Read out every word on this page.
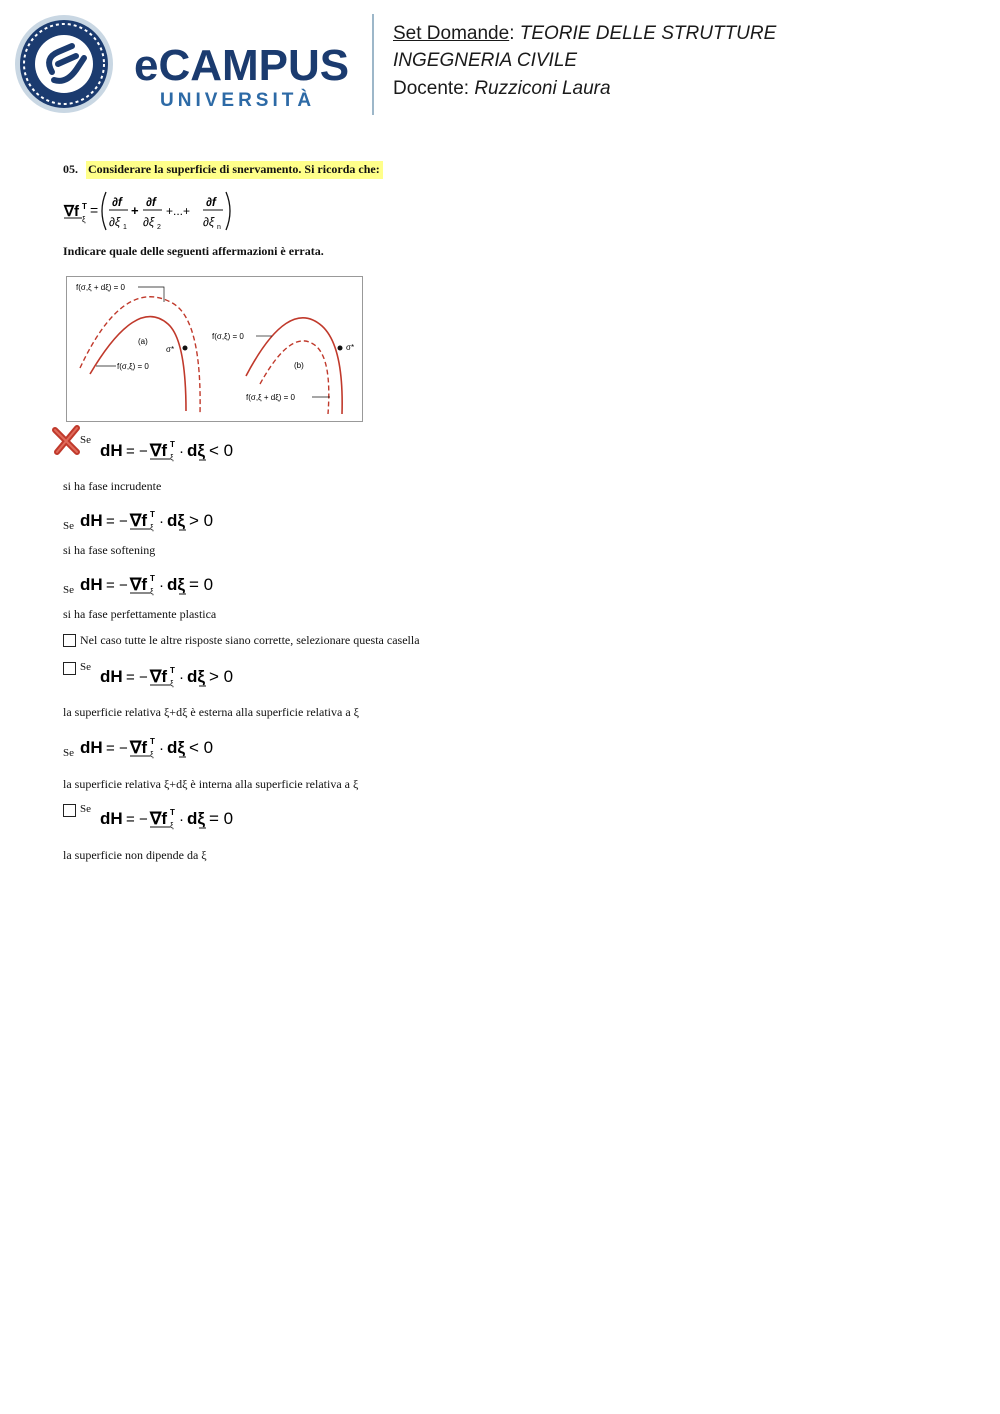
eCAMPUS
UNIVERSITÀ
Set Domande: TEORIE DELLE STRUTTURE
INGEGNERIA CIVILE
Docente: Ruzziconi Laura
05. Considerare la superficie di snervamento. Si ricorda che:
∇f T
ξ
= ∂f
∂ξ 1
+
∂f
∂ξ 2
+...+
∂f
∂ξ n
Indicare quale delle seguenti affermazioni è errata.
σ*
(a)
f(σ,ξ + dξ) = 0
f(σ,ξ) = 0
σ*
(b)
f(σ,ξ) = 0
f(σ,ξ + dξ) = 0
Se
dH = − ∇f T
ξ · dξ < 0
si ha fase incrudente
Se dH = − ∇f T
ξ · dξ > 0
si ha fase softening
Se dH = − ∇f T
ξ · dξ = 0
si ha fase perfettamente plastica
Nel caso tutte le altre risposte siano corrette, selezionare questa casella
Se dH = − ∇f T
ξ · dξ > 0
la superficie relativa ξ+dξ è esterna alla superficie relativa a ξ
Se dH = − ∇f T
ξ · dξ < 0
la superficie relativa ξ+dξ è interna alla superficie relativa a ξ
Se dH = − ∇f T
ξ · dξ = 0
la superficie non dipende da ξ
